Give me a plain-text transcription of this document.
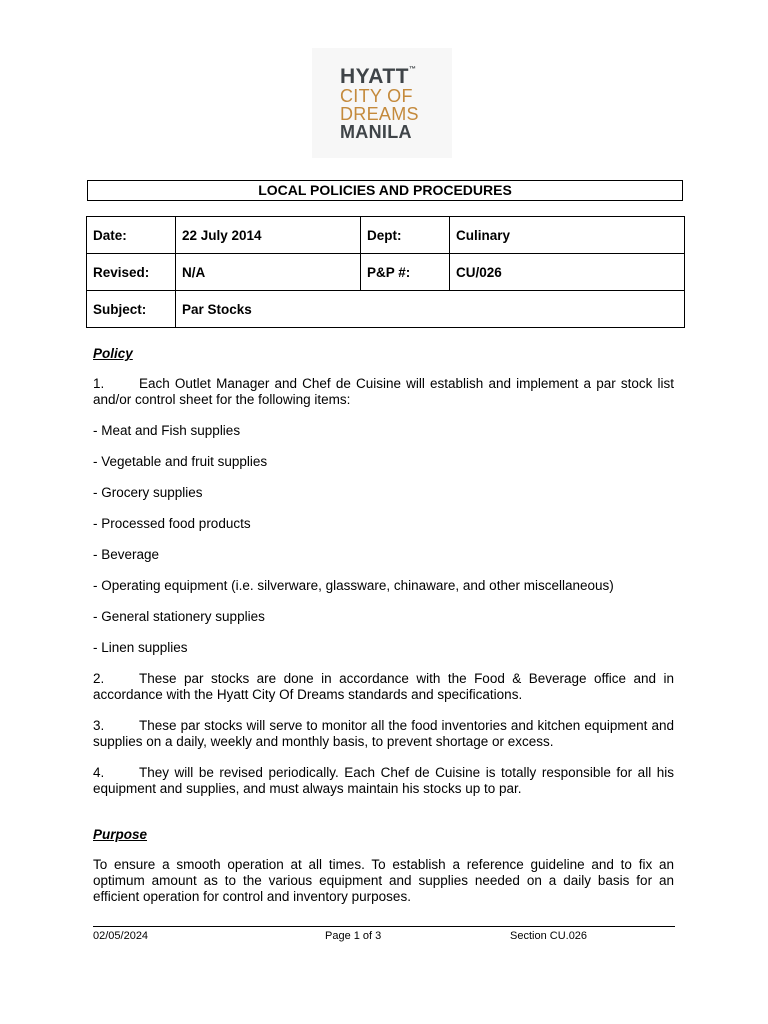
HYATT™
CITY OF
DREAMS
MANILA
LOCAL POLICIES AND PROCEDURES
Date:	22 July 2014	Dept:	Culinary
Revised:	N/A	P&P #:	CU/026
Subject:	Par Stocks		

Policy

1.	Each Outlet Manager and Chef de Cuisine will establish and implement a par stock list and/or control sheet for the following items:

- Meat and Fish supplies

- Vegetable and fruit supplies

- Grocery supplies

- Processed food products

- Beverage

- Operating equipment (i.e. silverware, glassware, chinaware, and other miscellaneous)

- General stationery supplies

- Linen supplies

2.	These par stocks are done in accordance with the Food & Beverage office and in accordance with the Hyatt City Of Dreams standards and specifications.

3.	These par stocks will serve to monitor all the food inventories and kitchen equipment and supplies on a daily, weekly and monthly basis, to prevent shortage or excess.

4.	They will be revised periodically. Each Chef de Cuisine is totally responsible for all his equipment and supplies, and must always maintain his stocks up to par.

Purpose

To ensure a smooth operation at all times. To establish a reference guideline and to fix an optimum amount as to the various equipment and supplies needed on a daily basis for an efficient operation for control and inventory purposes.

02/05/2024	Page 1 of 3	Section CU.026
